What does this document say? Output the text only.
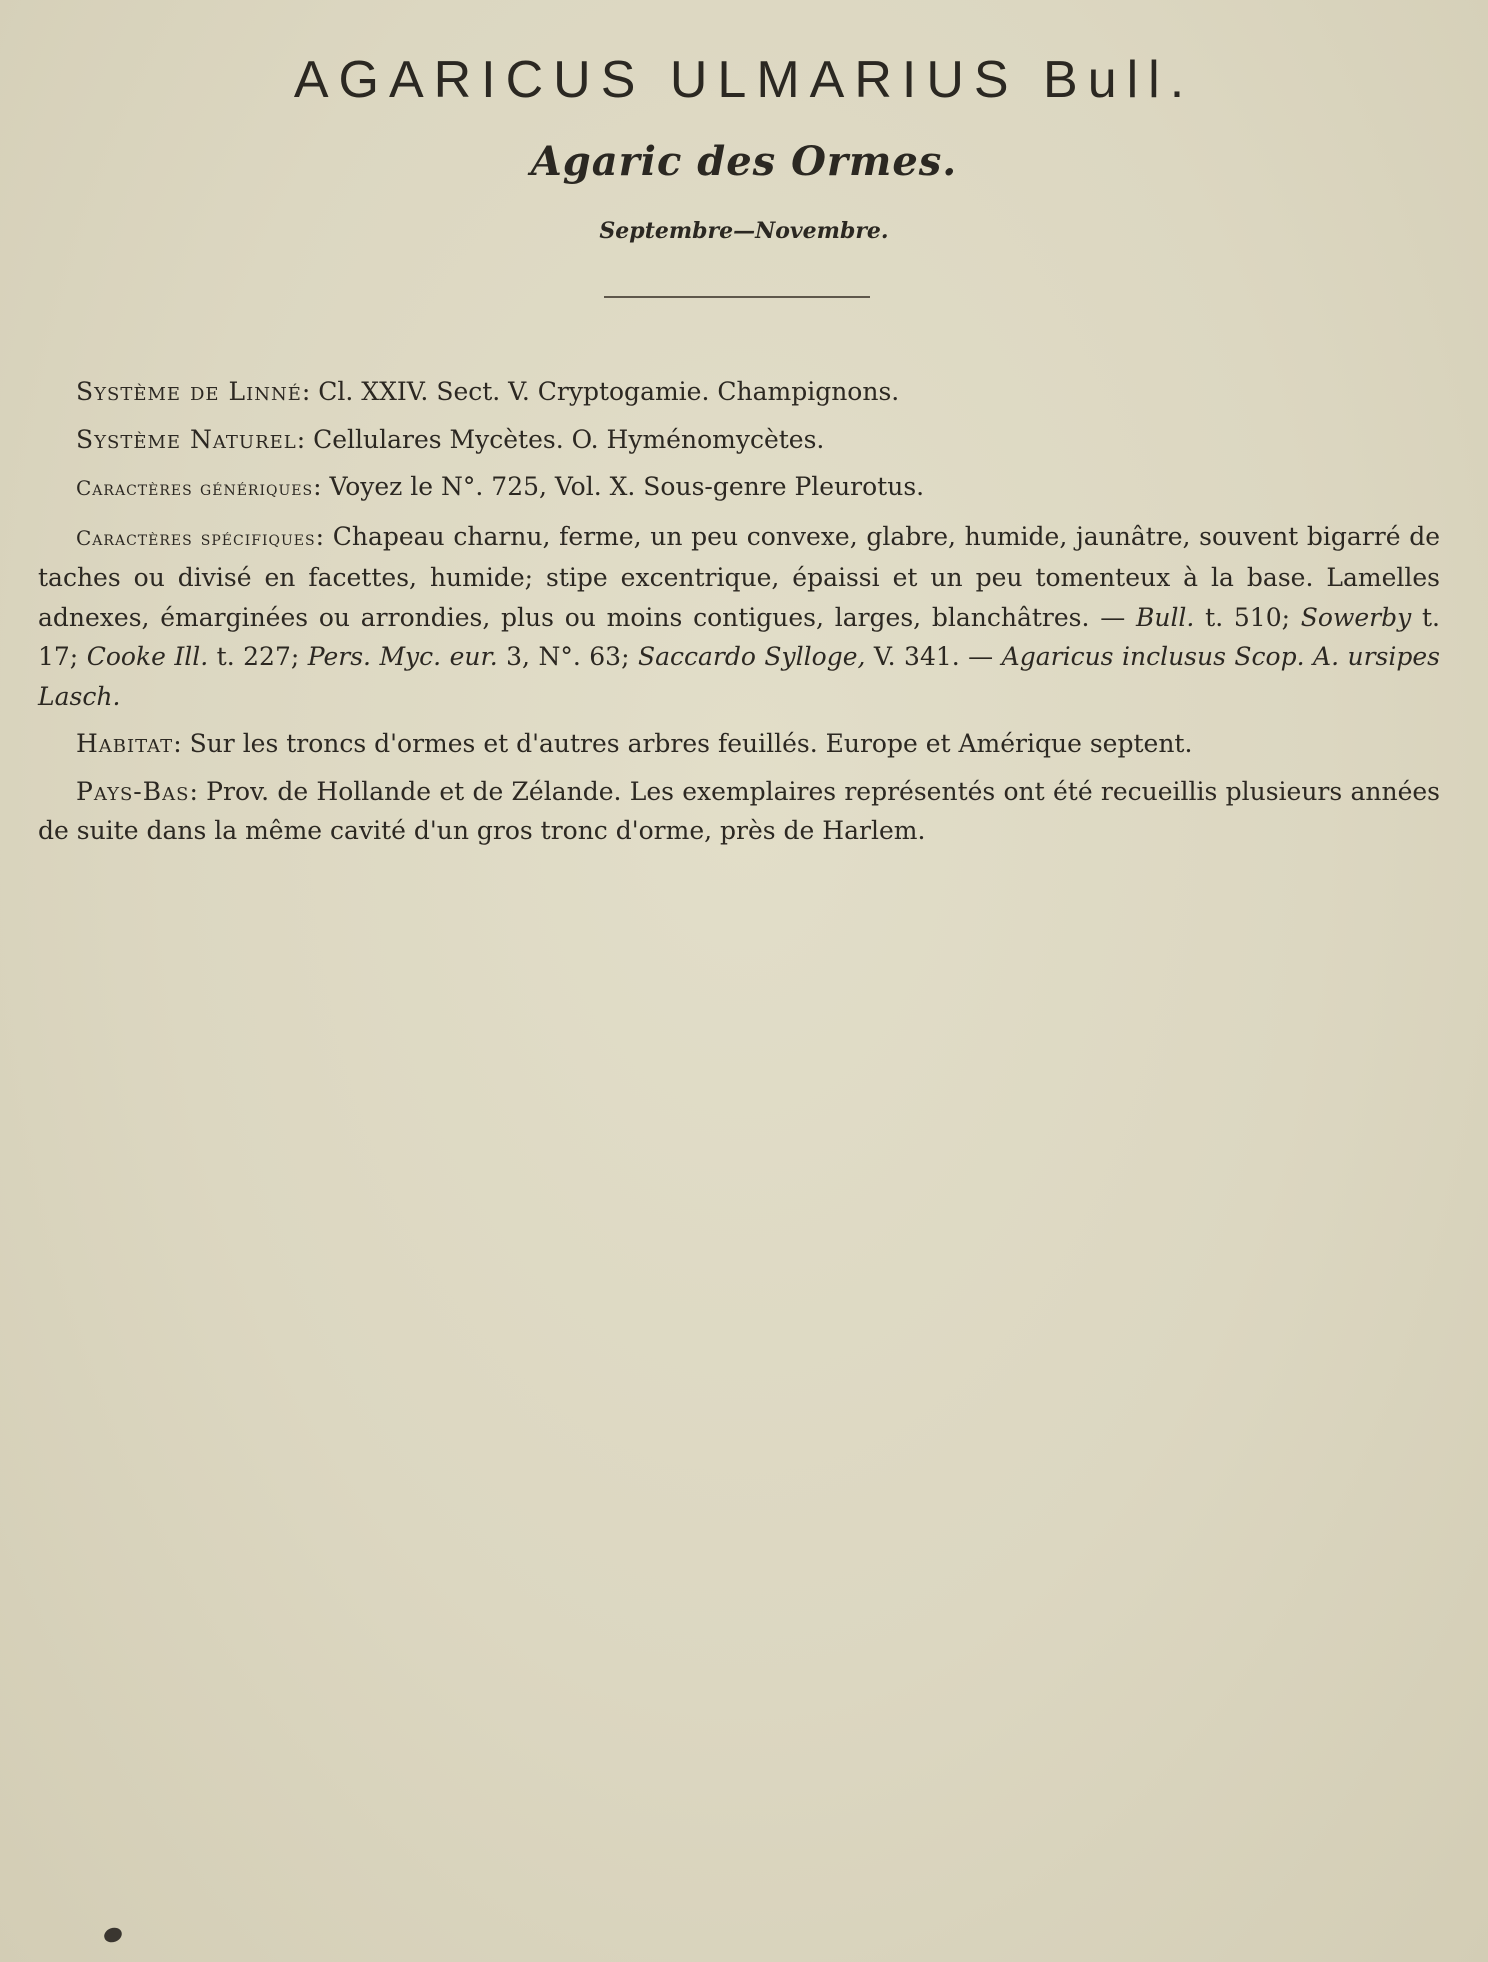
AGARICUS ULMARIUS Bull.
Agaric des Ormes.
Septembre—Novembre.

Système de Linné: Cl. XXIV. Sect. V. Cryptogamie. Champignons.

Système Naturel: Cellulares Mycètes. O. Hyménomycètes.

Caractères génériques: Voyez le N°. 725, Vol. X. Sous-genre Pleurotus.

Caractères spécifiques: Chapeau charnu, ferme, un peu convexe, glabre, humide, jaunâtre, souvent bigarré de taches ou divisé en facettes, humide; stipe excentrique, épaissi et un peu tomenteux à la base. Lamelles adnexes, émarginées ou arrondies, plus ou moins contigues, larges, blanchâtres. — Bull. t. 510; Sowerby t. 17; Cooke Ill. t. 227; Pers. Myc. eur. 3, N°. 63; Saccardo Sylloge, V. 341. — Agaricus inclusus Scop. A. ursipes Lasch.

Habitat: Sur les troncs d'ormes et d'autres arbres feuillés. Europe et Amérique septent.

Pays-Bas: Prov. de Hollande et de Zélande. Les exemplaires représentés ont été recueillis plusieurs années de suite dans la même cavité d'un gros tronc d'orme, près de Harlem.
